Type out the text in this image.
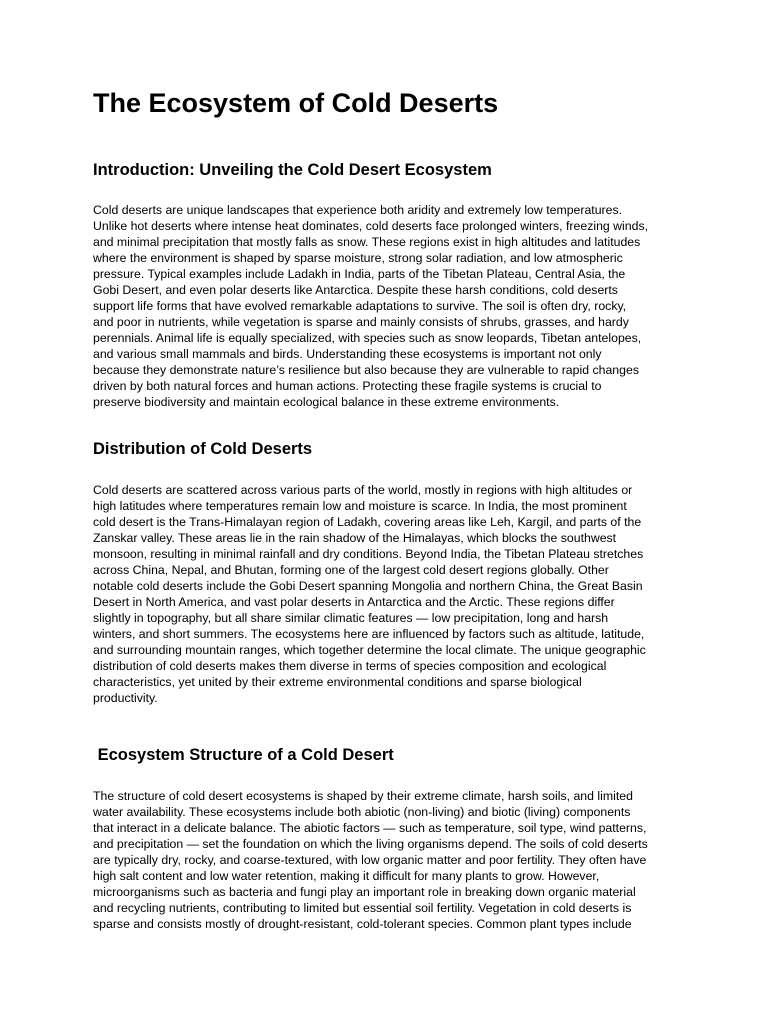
The Ecosystem of Cold Deserts
Introduction: Unveiling the Cold Desert Ecosystem

Cold deserts are unique landscapes that experience both aridity and extremely low temperatures.
Unlike hot deserts where intense heat dominates, cold deserts face prolonged winters, freezing winds,
and minimal precipitation that mostly falls as snow. These regions exist in high altitudes and latitudes
where the environment is shaped by sparse moisture, strong solar radiation, and low atmospheric
pressure. Typical examples include Ladakh in India, parts of the Tibetan Plateau, Central Asia, the
Gobi Desert, and even polar deserts like Antarctica. Despite these harsh conditions, cold deserts
support life forms that have evolved remarkable adaptations to survive. The soil is often dry, rocky,
and poor in nutrients, while vegetation is sparse and mainly consists of shrubs, grasses, and hardy
perennials. Animal life is equally specialized, with species such as snow leopards, Tibetan antelopes,
and various small mammals and birds. Understanding these ecosystems is important not only
because they demonstrate nature’s resilience but also because they are vulnerable to rapid changes
driven by both natural forces and human actions. Protecting these fragile systems is crucial to
preserve biodiversity and maintain ecological balance in these extreme environments.

Distribution of Cold Deserts

Cold deserts are scattered across various parts of the world, mostly in regions with high altitudes or
high latitudes where temperatures remain low and moisture is scarce. In India, the most prominent
cold desert is the Trans-Himalayan region of Ladakh, covering areas like Leh, Kargil, and parts of the
Zanskar valley. These areas lie in the rain shadow of the Himalayas, which blocks the southwest
monsoon, resulting in minimal rainfall and dry conditions. Beyond India, the Tibetan Plateau stretches
across China, Nepal, and Bhutan, forming one of the largest cold desert regions globally. Other
notable cold deserts include the Gobi Desert spanning Mongolia and northern China, the Great Basin
Desert in North America, and vast polar deserts in Antarctica and the Arctic. These regions differ
slightly in topography, but all share similar climatic features — low precipitation, long and harsh
winters, and short summers. The ecosystems here are influenced by factors such as altitude, latitude,
and surrounding mountain ranges, which together determine the local climate. The unique geographic
distribution of cold deserts makes them diverse in terms of species composition and ecological
characteristics, yet united by their extreme environmental conditions and sparse biological
productivity.

Ecosystem Structure of a Cold Desert

The structure of cold desert ecosystems is shaped by their extreme climate, harsh soils, and limited
water availability. These ecosystems include both abiotic (non-living) and biotic (living) components
that interact in a delicate balance. The abiotic factors — such as temperature, soil type, wind patterns,
and precipitation — set the foundation on which the living organisms depend. The soils of cold deserts
are typically dry, rocky, and coarse-textured, with low organic matter and poor fertility. They often have
high salt content and low water retention, making it difficult for many plants to grow. However,
microorganisms such as bacteria and fungi play an important role in breaking down organic material
and recycling nutrients, contributing to limited but essential soil fertility. Vegetation in cold deserts is
sparse and consists mostly of drought-resistant, cold-tolerant species. Common plant types include
